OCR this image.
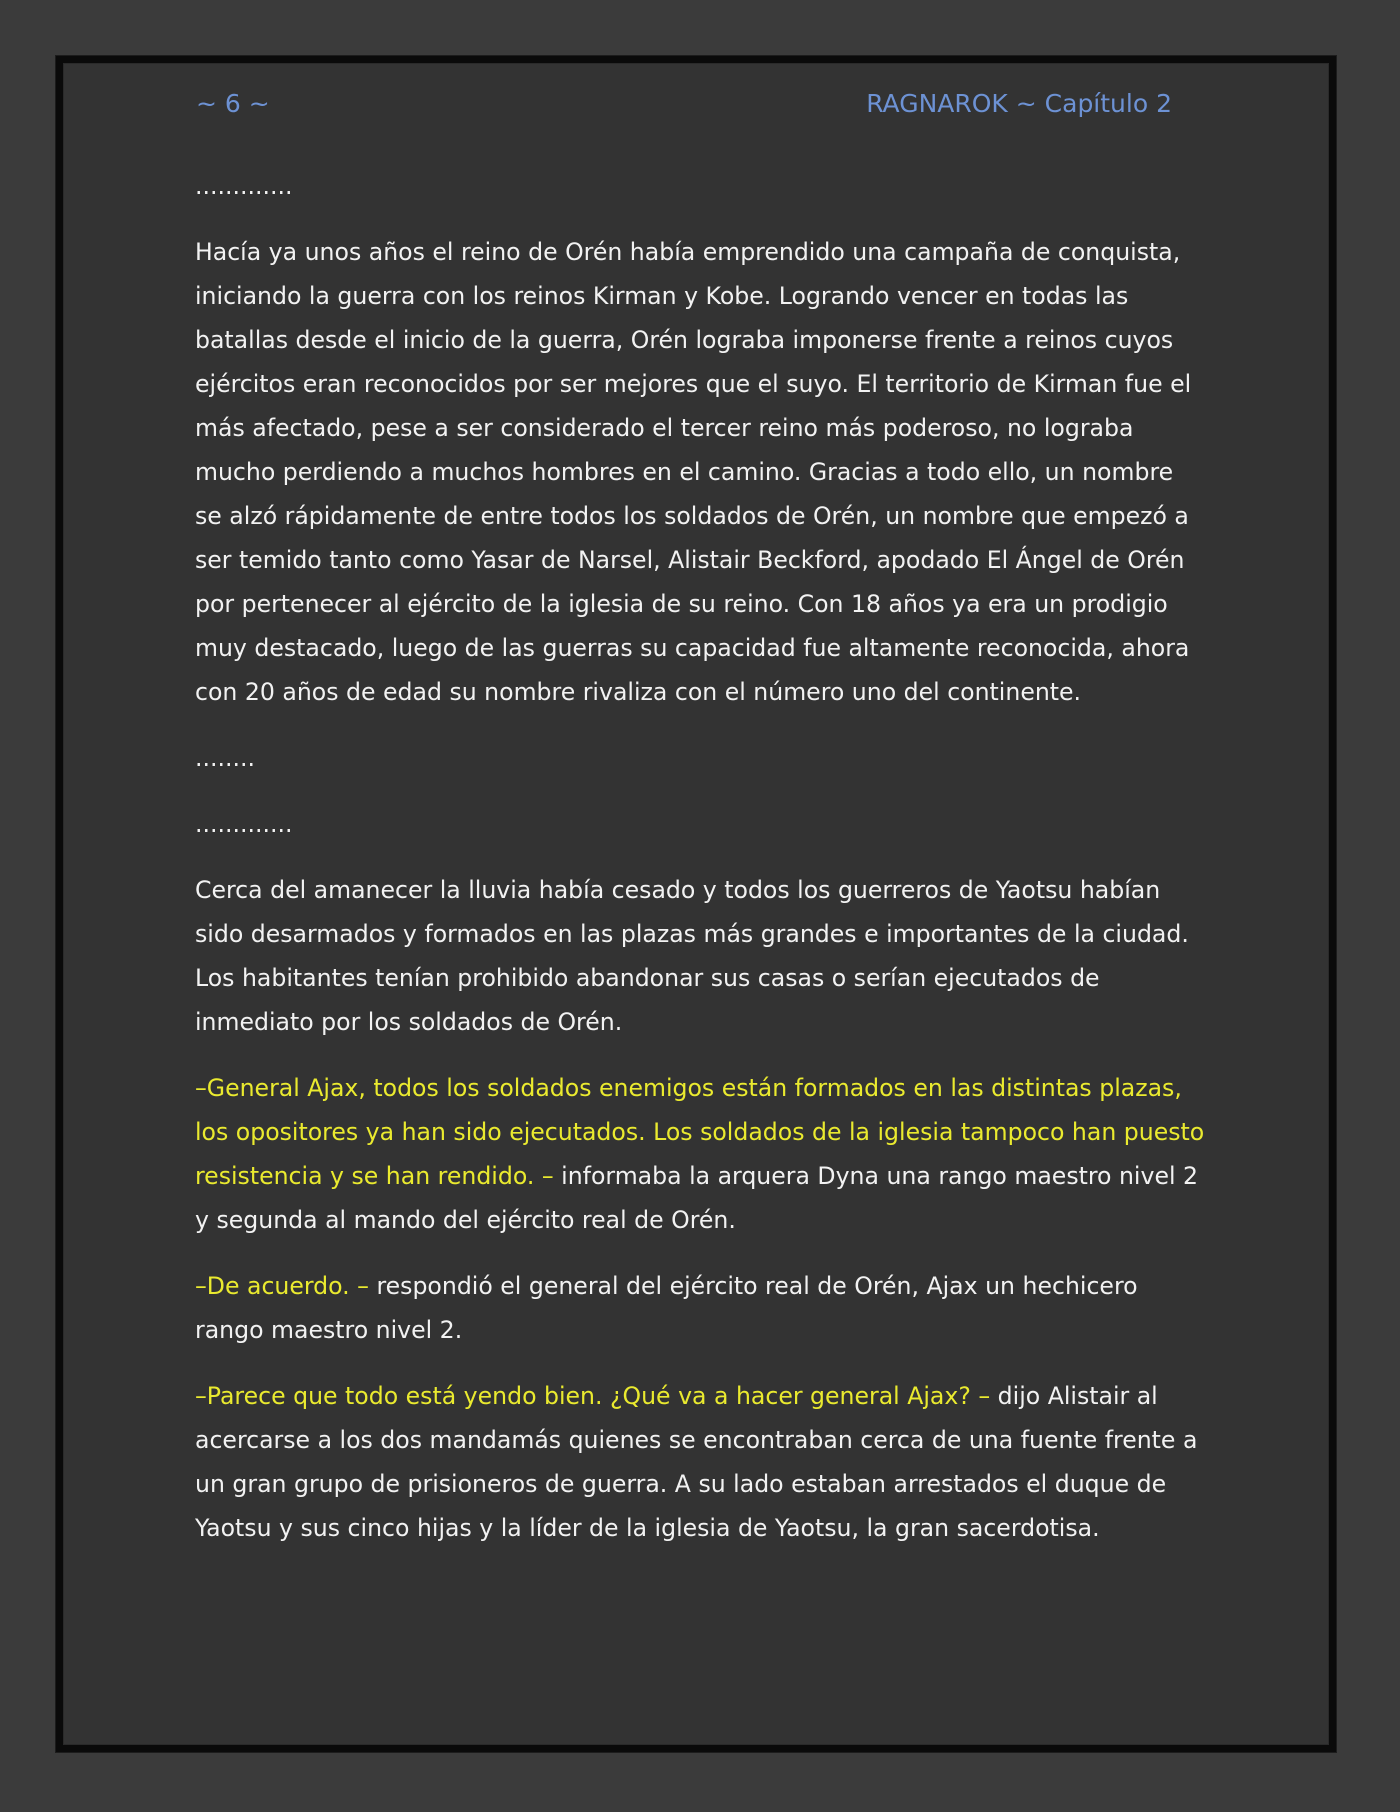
~ 6 ~	RAGNAROK ~ Capítulo 2

.............

Hacía ya unos años el reino de Orén había emprendido una campaña de conquista, iniciando la guerra con los reinos Kirman y Kobe. Logrando vencer en todas las batallas desde el inicio de la guerra, Orén lograba imponerse frente a reinos cuyos ejércitos eran reconocidos por ser mejores que el suyo. El territorio de Kirman fue el más afectado, pese a ser considerado el tercer reino más poderoso, no lograba mucho perdiendo a muchos hombres en el camino. Gracias a todo ello, un nombre se alzó rápidamente de entre todos los soldados de Orén, un nombre que empezó a ser temido tanto como Yasar de Narsel, Alistair Beckford, apodado El Ángel de Orén por pertenecer al ejército de la iglesia de su reino. Con 18 años ya era un prodigio muy destacado, luego de las guerras su capacidad fue altamente reconocida, ahora con 20 años de edad su nombre rivaliza con el número uno del continente.

........

.............

Cerca del amanecer la lluvia había cesado y todos los guerreros de Yaotsu habían sido desarmados y formados en las plazas más grandes e importantes de la ciudad. Los habitantes tenían prohibido abandonar sus casas o serían ejecutados de inmediato por los soldados de Orén.

–General Ajax, todos los soldados enemigos están formados en las distintas plazas, los opositores ya han sido ejecutados. Los soldados de la iglesia tampoco han puesto resistencia y se han rendido. – informaba la arquera Dyna una rango maestro nivel 2 y segunda al mando del ejército real de Orén.

–De acuerdo. – respondió el general del ejército real de Orén, Ajax un hechicero rango maestro nivel 2.

–Parece que todo está yendo bien. ¿Qué va a hacer general Ajax? – dijo Alistair al acercarse a los dos mandamás quienes se encontraban cerca de una fuente frente a un gran grupo de prisioneros de guerra. A su lado estaban arrestados el duque de Yaotsu y sus cinco hijas y la líder de la iglesia de Yaotsu, la gran sacerdotisa.
